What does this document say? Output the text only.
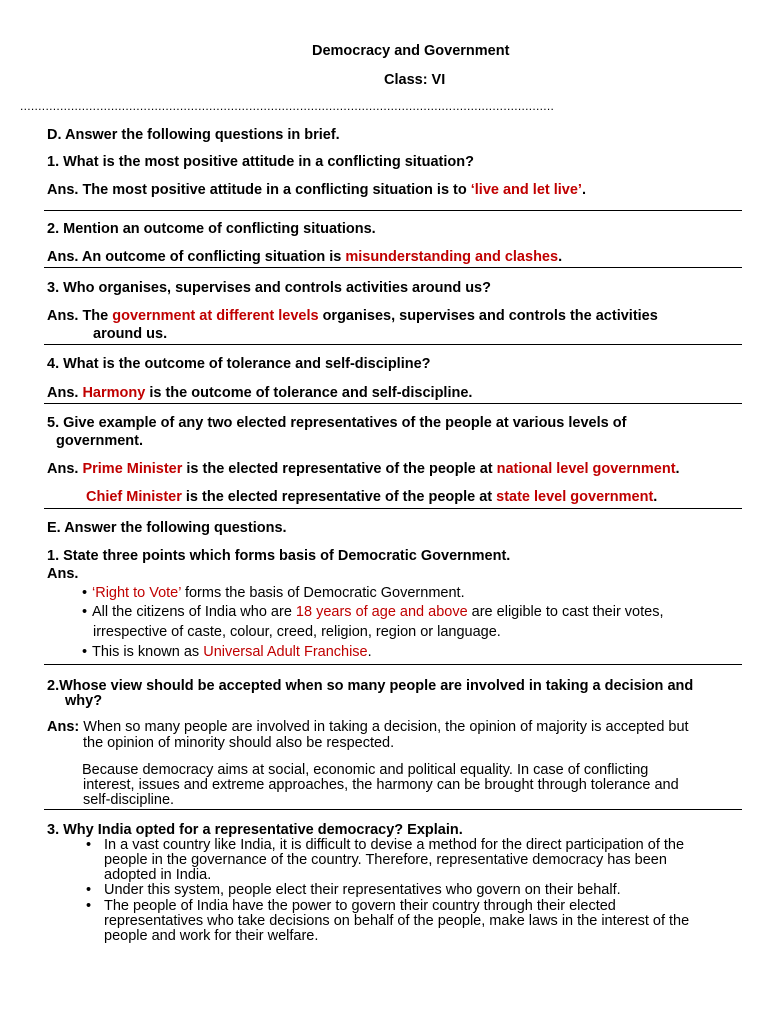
Democracy and Government
Class: VI
...................................................................................................................................................
D. Answer the following questions in brief.
1. What is the most positive attitude in a conflicting situation?
Ans. The most positive attitude in a conflicting situation is to ‘live and let live’.
2. Mention an outcome of conflicting situations.
Ans. An outcome of conflicting situation is misunderstanding and clashes.
3. Who organises, supervises and controls activities around us?
Ans. The government at different levels organises, supervises and controls the activities
around us.
4. What is the outcome of tolerance and self-discipline?
Ans. Harmony is the outcome of tolerance and self-discipline.
5. Give example of any two elected representatives of the people at various levels of
government.
Ans. Prime Minister is the elected representative of the people at national level government.
Chief Minister is the elected representative of the people at state level government.
E. Answer the following questions.
1. State three points which forms basis of Democratic Government.
Ans.
• ‘Right to Vote’ forms the basis of Democratic Government.
• All the citizens of India who are 18 years of age and above are eligible to cast their votes,
irrespective of caste, colour, creed, religion, region or language.
• This is known as Universal Adult Franchise.
2.Whose view should be accepted when so many people are involved in taking a decision and
why?
Ans: When so many people are involved in taking a decision, the opinion of majority is accepted but
the opinion of minority should also be respected.
Because democracy aims at social, economic and political equality. In case of conflicting
interest, issues and extreme approaches, the harmony can be brought through tolerance and
self-discipline.
3. Why India opted for a representative democracy? Explain.
• In a vast country like India, it is difficult to devise a method for the direct participation of the
people in the governance of the country. Therefore, representative democracy has been
adopted in India.
• Under this system, people elect their representatives who govern on their behalf.
• The people of India have the power to govern their country through their elected
representatives who take decisions on behalf of the people, make laws in the interest of the
people and work for their welfare.
